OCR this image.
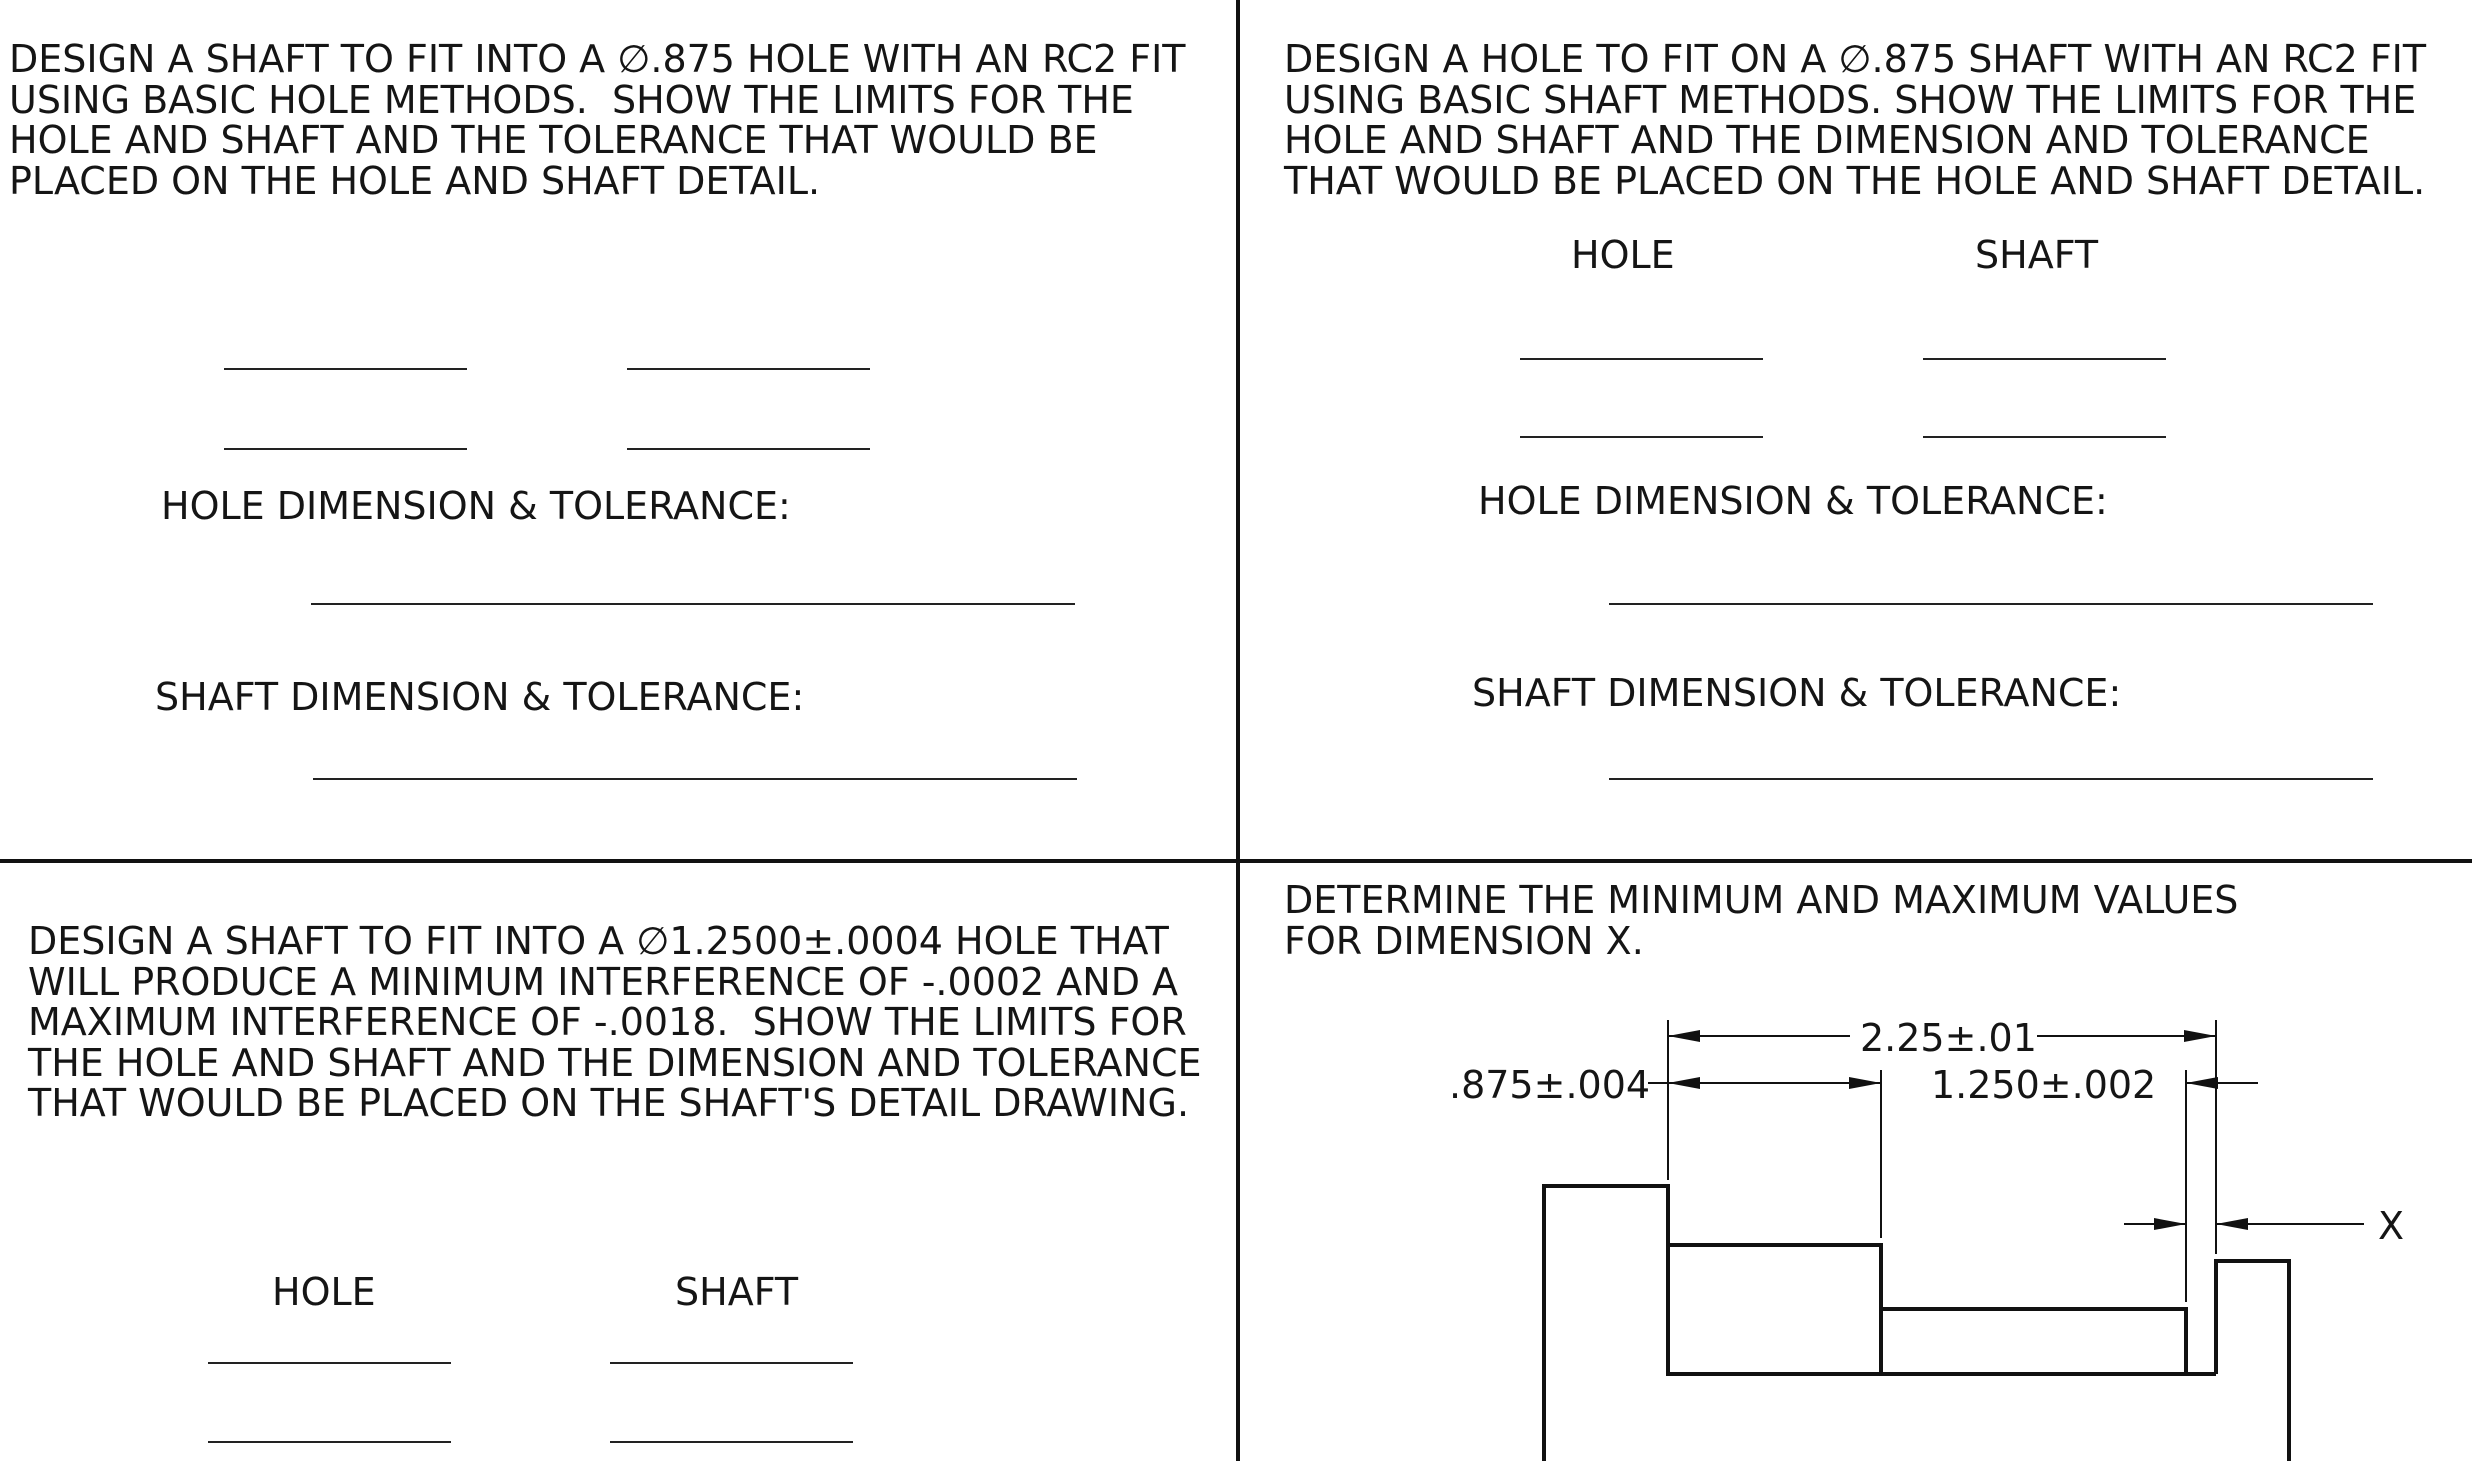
DESIGN A SHAFT TO FIT INTO A ∅.875 HOLE WITH AN RC2 FIT
USING BASIC HOLE METHODS.  SHOW THE LIMITS FOR THE
HOLE AND SHAFT AND THE TOLERANCE THAT WOULD BE
PLACED ON THE HOLE AND SHAFT DETAIL.
HOLE DIMENSION & TOLERANCE:
SHAFT DIMENSION & TOLERANCE:
DESIGN A HOLE TO FIT ON A ∅.875 SHAFT WITH AN RC2 FIT
USING BASIC SHAFT METHODS. SHOW THE LIMITS FOR THE
HOLE AND SHAFT AND THE DIMENSION AND TOLERANCE
THAT WOULD BE PLACED ON THE HOLE AND SHAFT DETAIL.
HOLE	SHAFT
HOLE DIMENSION & TOLERANCE:
SHAFT DIMENSION & TOLERANCE:
DESIGN A SHAFT TO FIT INTO A ∅1.2500±.0004 HOLE THAT
WILL PRODUCE A MINIMUM INTERFERENCE OF -.0002 AND A
MAXIMUM INTERFERENCE OF -.0018.  SHOW THE LIMITS FOR
THE HOLE AND SHAFT AND THE DIMENSION AND TOLERANCE
THAT WOULD BE PLACED ON THE SHAFT'S DETAIL DRAWING.
HOLE	SHAFT
DETERMINE THE MINIMUM AND MAXIMUM VALUES
FOR DIMENSION X.
2.25±.01
.875±.004	1.250±.002
X
